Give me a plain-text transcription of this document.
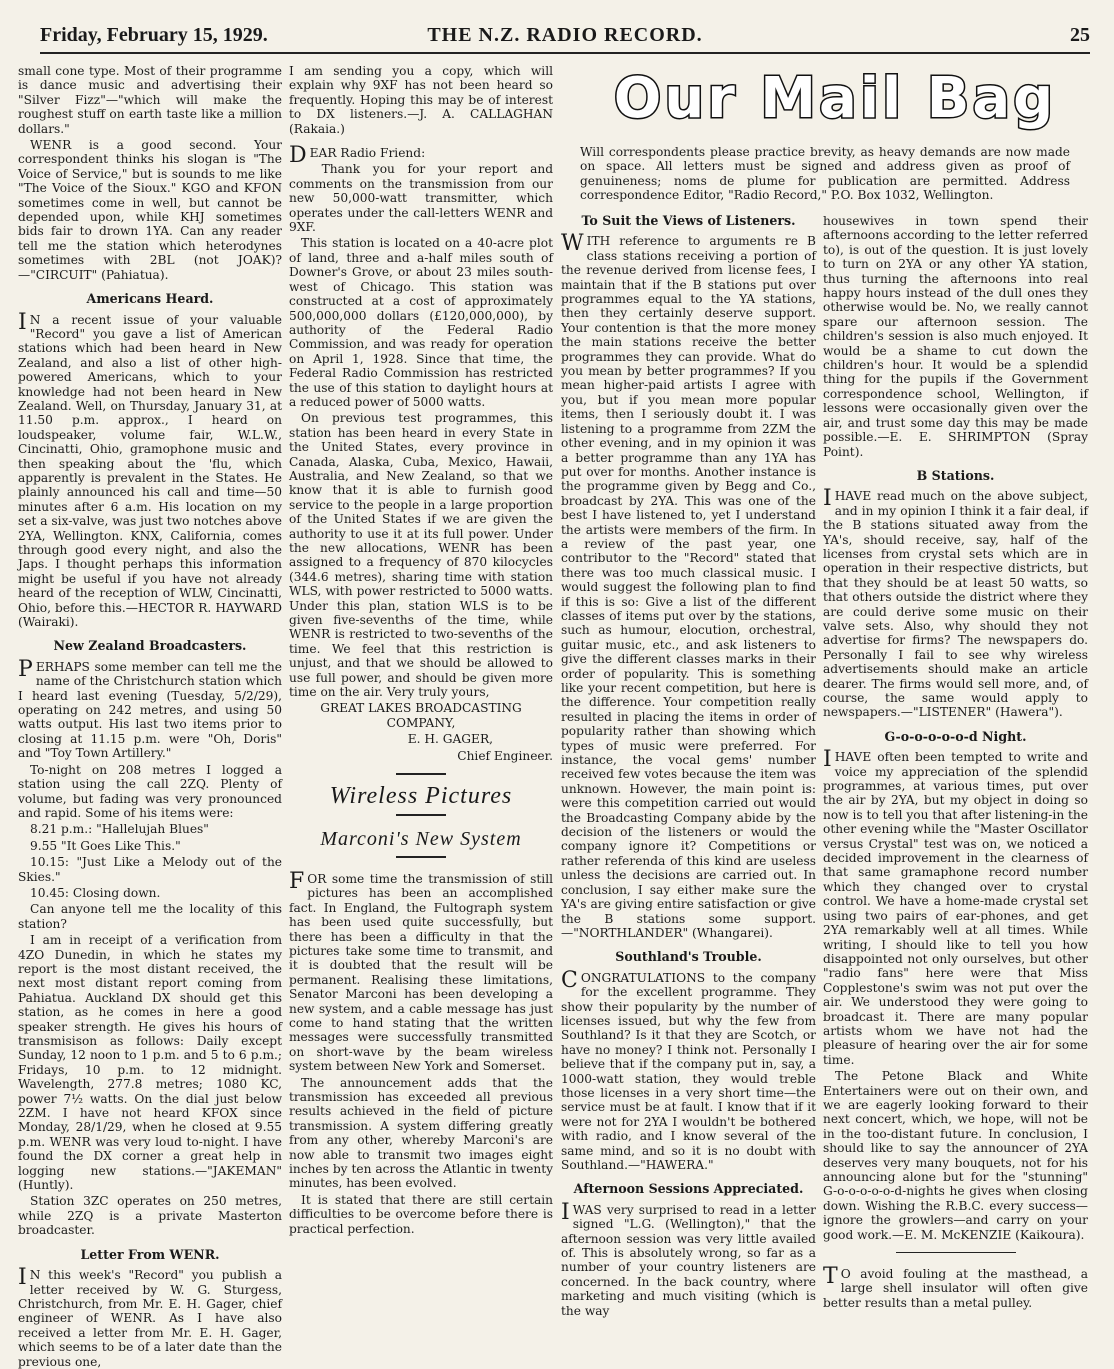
Friday, February 15, 1929.	THE N.Z. RADIO RECORD.	25
Our Mail Bag
Will correspondents please practice brevity, as heavy demands are now made on space. All letters must be signed and address given as proof of genuineness; noms de plume for publication are permitted. Address correspondence Editor, "Radio Record," P.O. Box 1032, Wellington.

small cone type. Most of their programme is dance music and advertising their "Silver Fizz"—"which will make the roughest stuff on earth taste like a million dollars."

WENR is a good second. Your correspondent thinks his slogan is "The Voice of Service," but is sounds to me like "The Voice of the Sioux." KGO and KFON sometimes come in well, but cannot be depended upon, while KHJ sometimes bids fair to drown 1YA. Can any reader tell me the station which heterodynes sometimes with 2BL (not JOAK)?—"CIRCUIT" (Pahiatua).

Americans Heard.

IN a recent issue of your valuable "Record" you gave a list of American stations which had been heard in New Zealand, and also a list of other high-powered Americans, which to your knowledge had not been heard in New Zealand. Well, on Thursday, January 31, at 11.50 p.m. approx., I heard on loudspeaker, volume fair, W.L.W., Cincinatti, Ohio, gramophone music and then speaking about the 'flu, which apparently is prevalent in the States. He plainly announced his call and time—50 minutes after 6 a.m. His location on my set a six-valve, was just two notches above 2YA, Wellington. KNX, California, comes through good every night, and also the Japs. I thought perhaps this information might be useful if you have not already heard of the reception of WLW, Cincinatti, Ohio, before this.—HECTOR R. HAYWARD (Wairaki).

New Zealand Broadcasters.

PERHAPS some member can tell me the name of the Christchurch station which I heard last evening (Tuesday, 5/2/29), operating on 242 metres, and using 50 watts output. His last two items prior to closing at 11.15 p.m. were "Oh, Doris" and "Toy Town Artillery."

To-night on 208 metres I logged a station using the call 2ZQ. Plenty of volume, but fading was very pronounced and rapid. Some of his items were:

8.21 p.m.: "Hallelujah Blues"

9.55 "It Goes Like This."

10.15: "Just Like a Melody out of the Skies."

10.45: Closing down.

Can anyone tell me the locality of this station?

I am in receipt of a verification from 4ZO Dunedin, in which he states my report is the most distant received, the next most distant report coming from Pahiatua. Auckland DX should get this station, as he comes in here a good speaker strength. He gives his hours of transmisison as follows: Daily except Sunday, 12 noon to 1 p.m. and 5 to 6 p.m.; Fridays, 10 p.m. to 12 midnight. Wavelength, 277.8 metres; 1080 KC, power 7½ watts. On the dial just below 2ZM. I have not heard KFOX since Monday, 28/1/29, when he closed at 9.55 p.m. WENR was very loud to-night. I have found the DX corner a great help in logging new stations.—"JAKEMAN" (Huntly).

Station 3ZC operates on 250 metres, while 2ZQ is a private Masterton broadcaster.

Letter From WENR.

IN this week's "Record" you publish a letter received by W. G. Sturgess, Christchurch, from Mr. E. H. Gager, chief engineer of WENR. As I have also received a letter from Mr. E. H. Gager, which seems to be of a later date than the previous one,

I am sending you a copy, which will explain why 9XF has not been heard so frequently. Hoping this may be of interest to DX listeners.—J. A. CALLAGHAN (Rakaia.)

DEAR Radio Friend:

Thank you for your report and comments on the transmission from our new 50,000-watt transmitter, which operates under the call-letters WENR and 9XF.

This station is located on a 40-acre plot of land, three and a-half miles south of Downer's Grove, or about 23 miles south-west of Chicago. This station was constructed at a cost of approximately 500,000,000 dollars (£120,000,000), by authority of the Federal Radio Commission, and was ready for operation on April 1, 1928. Since that time, the Federal Radio Commission has restricted the use of this station to daylight hours at a reduced power of 5000 watts.

On previous test programmes, this station has been heard in every State in the United States, every province in Canada, Alaska, Cuba, Mexico, Hawaii, Australia, and New Zealand, so that we know that it is able to furnish good service to the people in a large proportion of the United States if we are given the authority to use it at its full power. Under the new allocations, WENR has been assigned to a frequency of 870 kilocycles (344.6 metres), sharing time with station WLS, with power restricted to 5000 watts. Under this plan, station WLS is to be given five-sevenths of the time, while WENR is restricted to two-sevenths of the time. We feel that this restriction is unjust, and that we should be allowed to use full power, and should be given more time on the air. Very truly yours,

GREAT LAKES BROADCASTING COMPANY,

E. H. GAGER,

Chief Engineer.

Wireless Pictures
Marconi's New System

FOR some time the transmission of still pictures has been an accomplished fact. In England, the Fultograph system has been used quite successfully, but there has been a difficulty in that the pictures take some time to transmit, and it is doubted that the result will be permanent. Realising these limitations, Senator Marconi has been developing a new system, and a cable message has just come to hand stating that the written messages were successfully transmitted on short-wave by the beam wireless system between New York and Somerset.

The announcement adds that the transmission has exceeded all previous results achieved in the field of picture transmission. A system differing greatly from any other, whereby Marconi's are now able to transmit two images eight inches by ten across the Atlantic in twenty minutes, has been evolved.

It is stated that there are still certain difficulties to be overcome before there is practical perfection.

To Suit the Views of Listeners.

WITH reference to arguments re B class stations receiving a portion of the revenue derived from license fees, I maintain that if the B stations put over programmes equal to the YA stations, then they certainly deserve support. Your contention is that the more money the main stations receive the better programmes they can provide. What do you mean by better programmes? If you mean higher-paid artists I agree with you, but if you mean more popular items, then I seriously doubt it. I was listening to a programme from 2ZM the other evening, and in my opinion it was a better programme than any 1YA has put over for months. Another instance is the programme given by Begg and Co., broadcast by 2YA. This was one of the best I have listened to, yet I understand the artists were members of the firm. In a review of the past year, one contributor to the "Record" stated that there was too much classical music. I would suggest the following plan to find if this is so: Give a list of the different classes of items put over by the stations, such as humour, elocution, orchestral, guitar music, etc., and ask listeners to give the different classes marks in their order of popularity. This is something like your recent competition, but here is the difference. Your competition really resulted in placing the items in order of popularity rather than showing which types of music were preferred. For instance, the vocal gems' number received few votes because the item was unknown. However, the main point is: were this competition carried out would the Broadcasting Company abide by the decision of the listeners or would the company ignore it? Competitions or rather referenda of this kind are useless unless the decisions are carried out. In conclusion, I say either make sure the YA's are giving entire satisfaction or give the B stations some support.—"NORTHLANDER" (Whangarei).

Southland's Trouble.

CONGRATULATIONS to the company for the excellent programme. They show their popularity by the number of licenses issued, but why the few from Southland? Is it that they are Scotch, or have no money? I think not. Personally I believe that if the company put in, say, a 1000-watt station, they would treble those licenses in a very short time—the service must be at fault. I know that if it were not for 2YA I wouldn't be bothered with radio, and I know several of the same mind, and so it is no doubt with Southland.—"HAWERA."

Afternoon Sessions Appreciated.

IWAS very surprised to read in a letter signed "L.G. (Wellington)," that the afternoon session was very little availed of. This is absolutely wrong, so far as a number of your country listeners are concerned. In the back country, where marketing and much visiting (which is the way

housewives in town spend their afternoons according to the letter referred to), is out of the question. It is just lovely to turn on 2YA or any other YA station, thus turning the afternoons into real happy hours instead of the dull ones they otherwise would be. No, we really cannot spare our afternoon session. The children's session is also much enjoyed. It would be a shame to cut down the children's hour. It would be a splendid thing for the pupils if the Government correspondence school, Wellington, if lessons were occasionally given over the air, and trust some day this may be made possible.—E. E. SHRIMPTON (Spray Point).

B Stations.

IHAVE read much on the above subject, and in my opinion I think it a fair deal, if the B stations situated away from the YA's, should receive, say, half of the licenses from crystal sets which are in operation in their respective districts, but that they should be at least 50 watts, so that others outside the district where they are could derive some music on their valve sets. Also, why should they not advertise for firms? The newspapers do. Personally I fail to see why wireless advertisements should make an article dearer. The firms would sell more, and, of course, the same would apply to newspapers.—"LISTENER" (Hawera").

G-o-o-o-o-o-d Night.

IHAVE often been tempted to write and voice my appreciation of the splendid programmes, at various times, put over the air by 2YA, but my object in doing so now is to tell you that after listening-in the other evening while the "Master Oscillator versus Crystal" test was on, we noticed a decided improvement in the clearness of that same gramaphone record number which they changed over to crystal control. We have a home-made crystal set using two pairs of ear-phones, and get 2YA remarkably well at all times. While writing, I should like to tell you how disappointed not only ourselves, but other "radio fans" here were that Miss Copplestone's swim was not put over the air. We understood they were going to broadcast it. There are many popular artists whom we have not had the pleasure of hearing over the air for some time.

The Petone Black and White Entertainers were out on their own, and we are eagerly looking forward to their next concert, which, we hope, will not be in the too-distant future. In conclusion, I should like to say the announcer of 2YA deserves very many bouquets, not for his announcing alone but for the "stunning" G-o-o-o-o-o-d-nights he gives when closing down. Wishing the R.B.C. every success—ignore the growlers—and carry on your good work.—E. M. McKENZIE (Kaikoura).

TO avoid fouling at the masthead, a large shell insulator will often give better results than a metal pulley.
